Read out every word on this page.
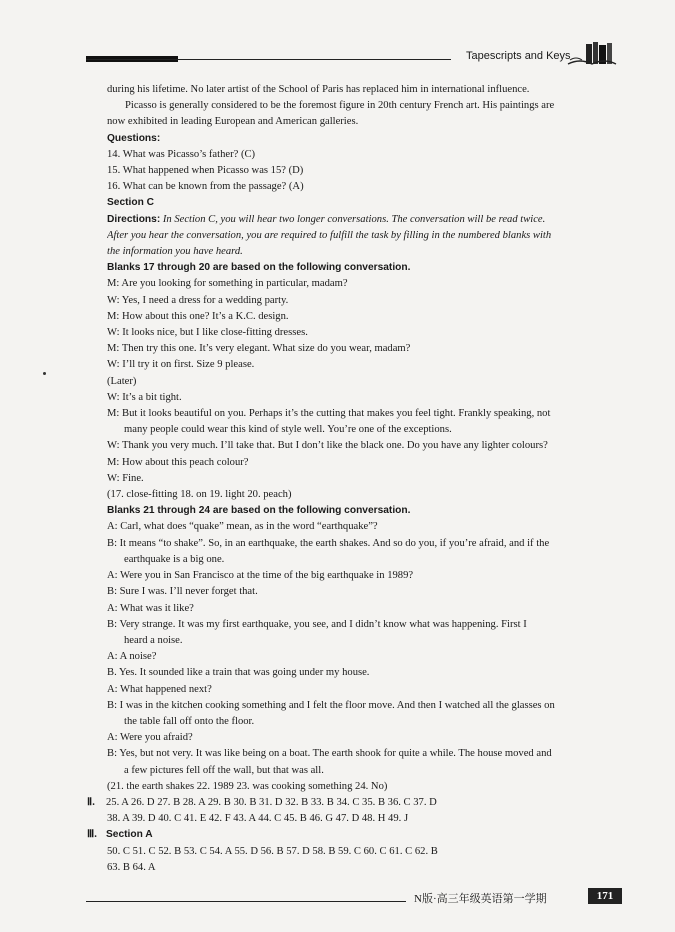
Tapescripts and Keys
during his lifetime. No later artist of the School of Paris has replaced him in international influence.
Picasso is generally considered to be the foremost figure in 20th century French art. His paintings are
now exhibited in leading European and American galleries.
Questions:
14. What was Picasso’s father? (C)
15. What happened when Picasso was 15? (D)
16. What can be known from the passage? (A)
Section C
Directions: In Section C, you will hear two longer conversations. The conversation will be read twice.
After you hear the conversation, you are required to fulfill the task by filling in the numbered blanks with
the information you have heard.
Blanks 17 through 20 are based on the following conversation.
M: Are you looking for something in particular, madam?
W: Yes, I need a dress for a wedding party.
M: How about this one? It’s a K.C. design.
W: It looks nice, but I like close-fitting dresses.
M: Then try this one. It’s very elegant. What size do you wear, madam?
W: I’ll try it on first. Size 9 please.
(Later)
W: It’s a bit tight.
M: But it looks beautiful on you. Perhaps it’s the cutting that makes you feel tight. Frankly speaking, not
many people could wear this kind of style well. You’re one of the exceptions.
W: Thank you very much. I’ll take that. But I don’t like the black one. Do you have any lighter colours?
M: How about this peach colour?
W: Fine.
(17. close-fitting 18. on 19. light 20. peach)
Blanks 21 through 24 are based on the following conversation.
A: Carl, what does “quake” mean, as in the word “earthquake”?
B: It means “to shake”. So, in an earthquake, the earth shakes. And so do you, if you’re afraid, and if the
earthquake is a big one.
A: Were you in San Francisco at the time of the big earthquake in 1989?
B: Sure I was. I’ll never forget that.
A: What was it like?
B: Very strange. It was my first earthquake, you see, and I didn’t know what was happening. First I
heard a noise.
A: A noise?
B. Yes. It sounded like a train that was going under my house.
A: What happened next?
B: I was in the kitchen cooking something and I felt the floor move. And then I watched all the glasses on
the table fall off onto the floor.
A: Were you afraid?
B: Yes, but not very. It was like being on a boat. The earth shook for quite a while. The house moved and
a few pictures fell off the wall, but that was all.
(21. the earth shakes 22. 1989 23. was cooking something 24. No)
Ⅱ. 25. A 26. D 27. B 28. A 29. B 30. B 31. D 32. B 33. B 34. C 35. B 36. C 37. D
38. A 39. D 40. C 41. E 42. F 43. A 44. C 45. B 46. G 47. D 48. H 49. J
Ⅲ. Section A
50. C 51. C 52. B 53. C 54. A 55. D 56. B 57. D 58. B 59. C 60. C 61. C 62. B
63. B 64. A
N版·高三年级英语第一学期	171
